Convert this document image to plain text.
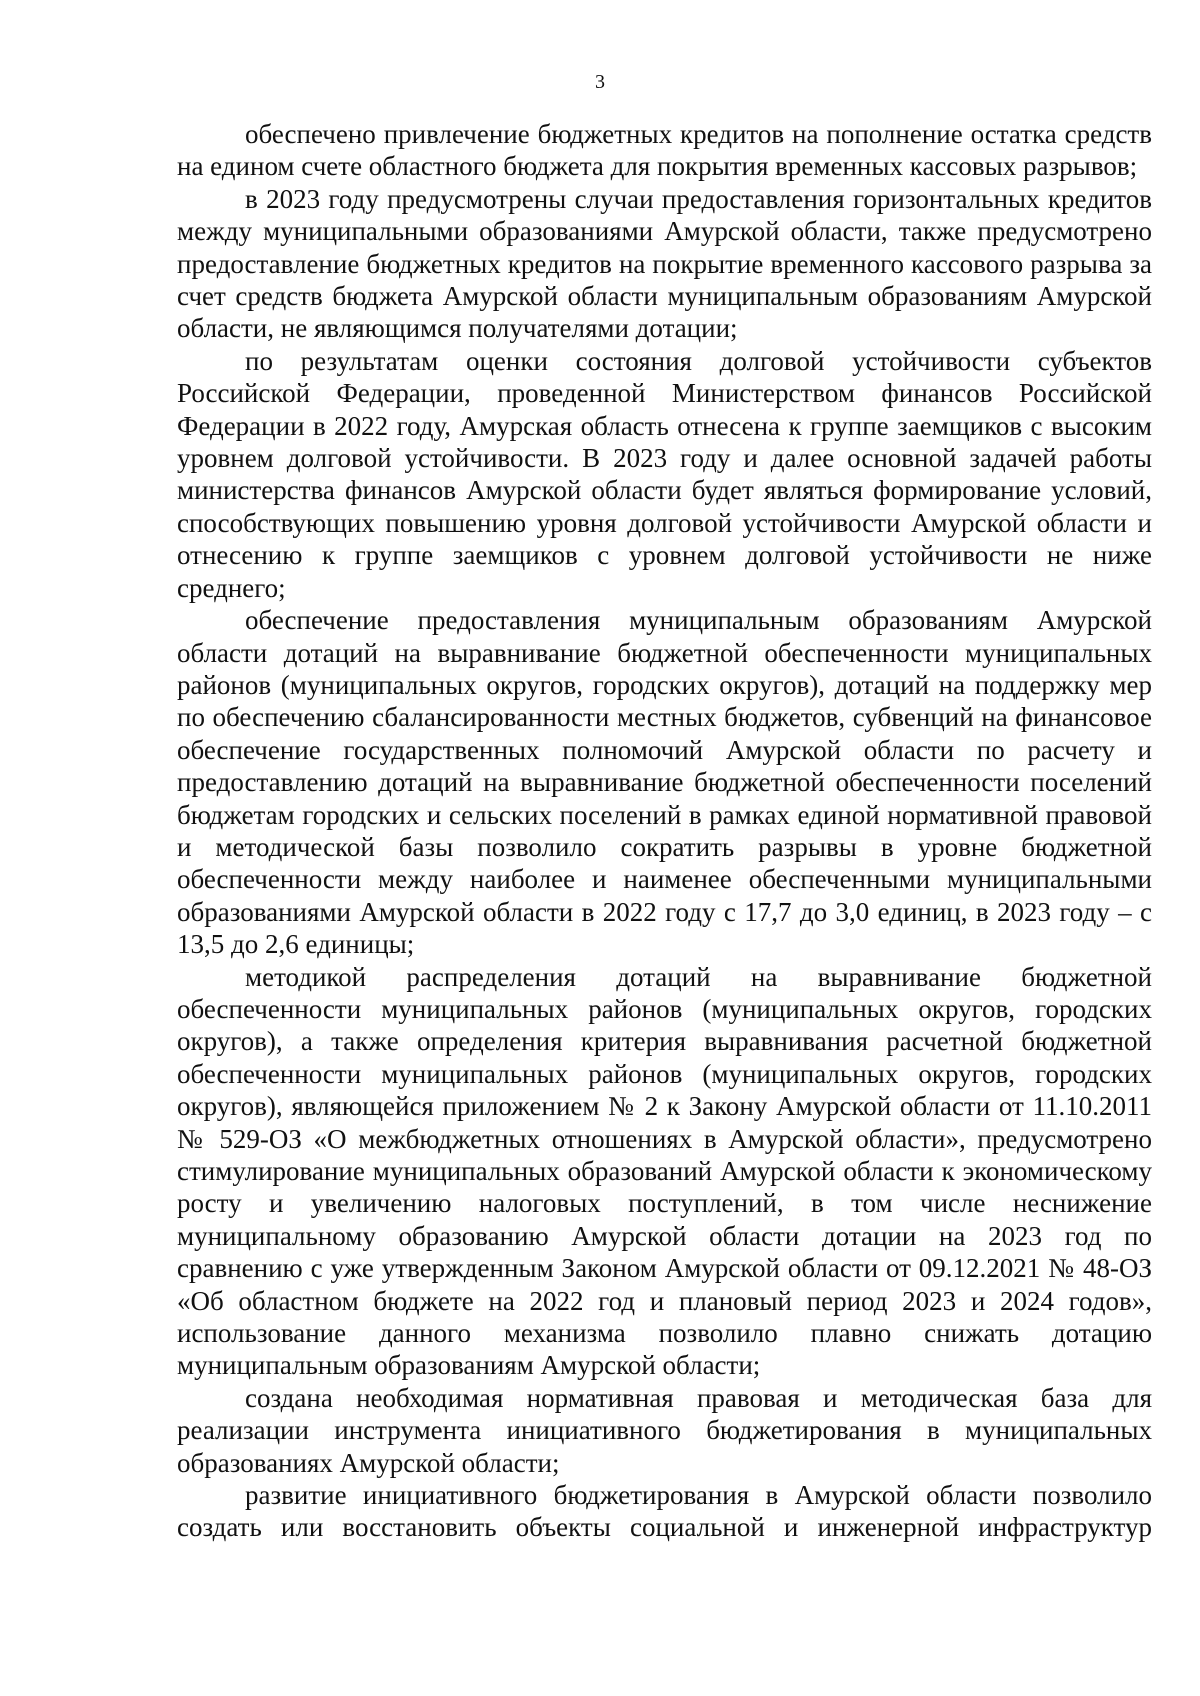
3

обеспечено привлечение бюджетных кредитов на пополнение остатка средств на едином счете областного бюджета для покрытия временных кассовых разрывов;

в 2023 году предусмотрены случаи предоставления горизонтальных кредитов между муниципальными образованиями Амурской области, также предусмотрено предоставление бюджетных кредитов на покрытие временного кассового разрыва за счет средств бюджета Амурской области муниципальным образованиям Амурской области, не являющимся получателями дотации;

по результатам оценки состояния долговой устойчивости субъектов Российской Федерации, проведенной Министерством финансов Российской Федерации в 2022 году, Амурская область отнесена к группе заемщиков с высоким уровнем долговой устойчивости. В 2023 году и далее основной задачей работы министерства финансов Амурской области будет являться формирование условий, способствующих повышению уровня долговой устойчивости Амурской области и отнесению к группе заемщиков с уровнем долговой устойчивости не ниже среднего;

обеспечение предоставления муниципальным образованиям Амурской области дотаций на выравнивание бюджетной обеспеченности муниципальных районов (муниципальных округов, городских округов), дотаций на поддержку мер по обеспечению сбалансированности местных бюджетов, субвенций на финансовое обеспечение государственных полномочий Амурской области по расчету и предоставлению дотаций на выравнивание бюджетной обеспеченности поселений бюджетам городских и сельских поселений в рамках единой нормативной правовой и методической базы позволило сократить разрывы в уровне бюджетной обеспеченности между наиболее и наименее обеспеченными муниципальными образованиями Амурской области в 2022 году с 17,7 до 3,0 единиц, в 2023 году – с 13,5 до 2,6 единицы;

методикой распределения дотаций на выравнивание бюджетной обеспеченности муниципальных районов (муниципальных округов, городских округов), а также определения критерия выравнивания расчетной бюджетной обеспеченности муниципальных районов (муниципальных округов, городских округов), являющейся приложением № 2 к Закону Амурской области от 11.10.2011 № 529-ОЗ «О межбюджетных отношениях в Амурской области», предусмотрено стимулирование муниципальных образований Амурской области к экономическому росту и увеличению налоговых поступлений, в том числе неснижение муниципальному образованию Амурской области дотации на 2023 год по сравнению с уже утвержденным Законом Амурской области от 09.12.2021 № 48-ОЗ «Об областном бюджете на 2022 год и плановый период 2023 и 2024 годов», использование данного механизма позволило плавно снижать дотацию муниципальным образованиям Амурской области;

создана необходимая нормативная правовая и методическая база для реализации инструмента инициативного бюджетирования в муниципальных образованиях Амурской области;

развитие инициативного бюджетирования в Амурской области позволило создать или восстановить объекты социальной и инженерной инфраструктур
